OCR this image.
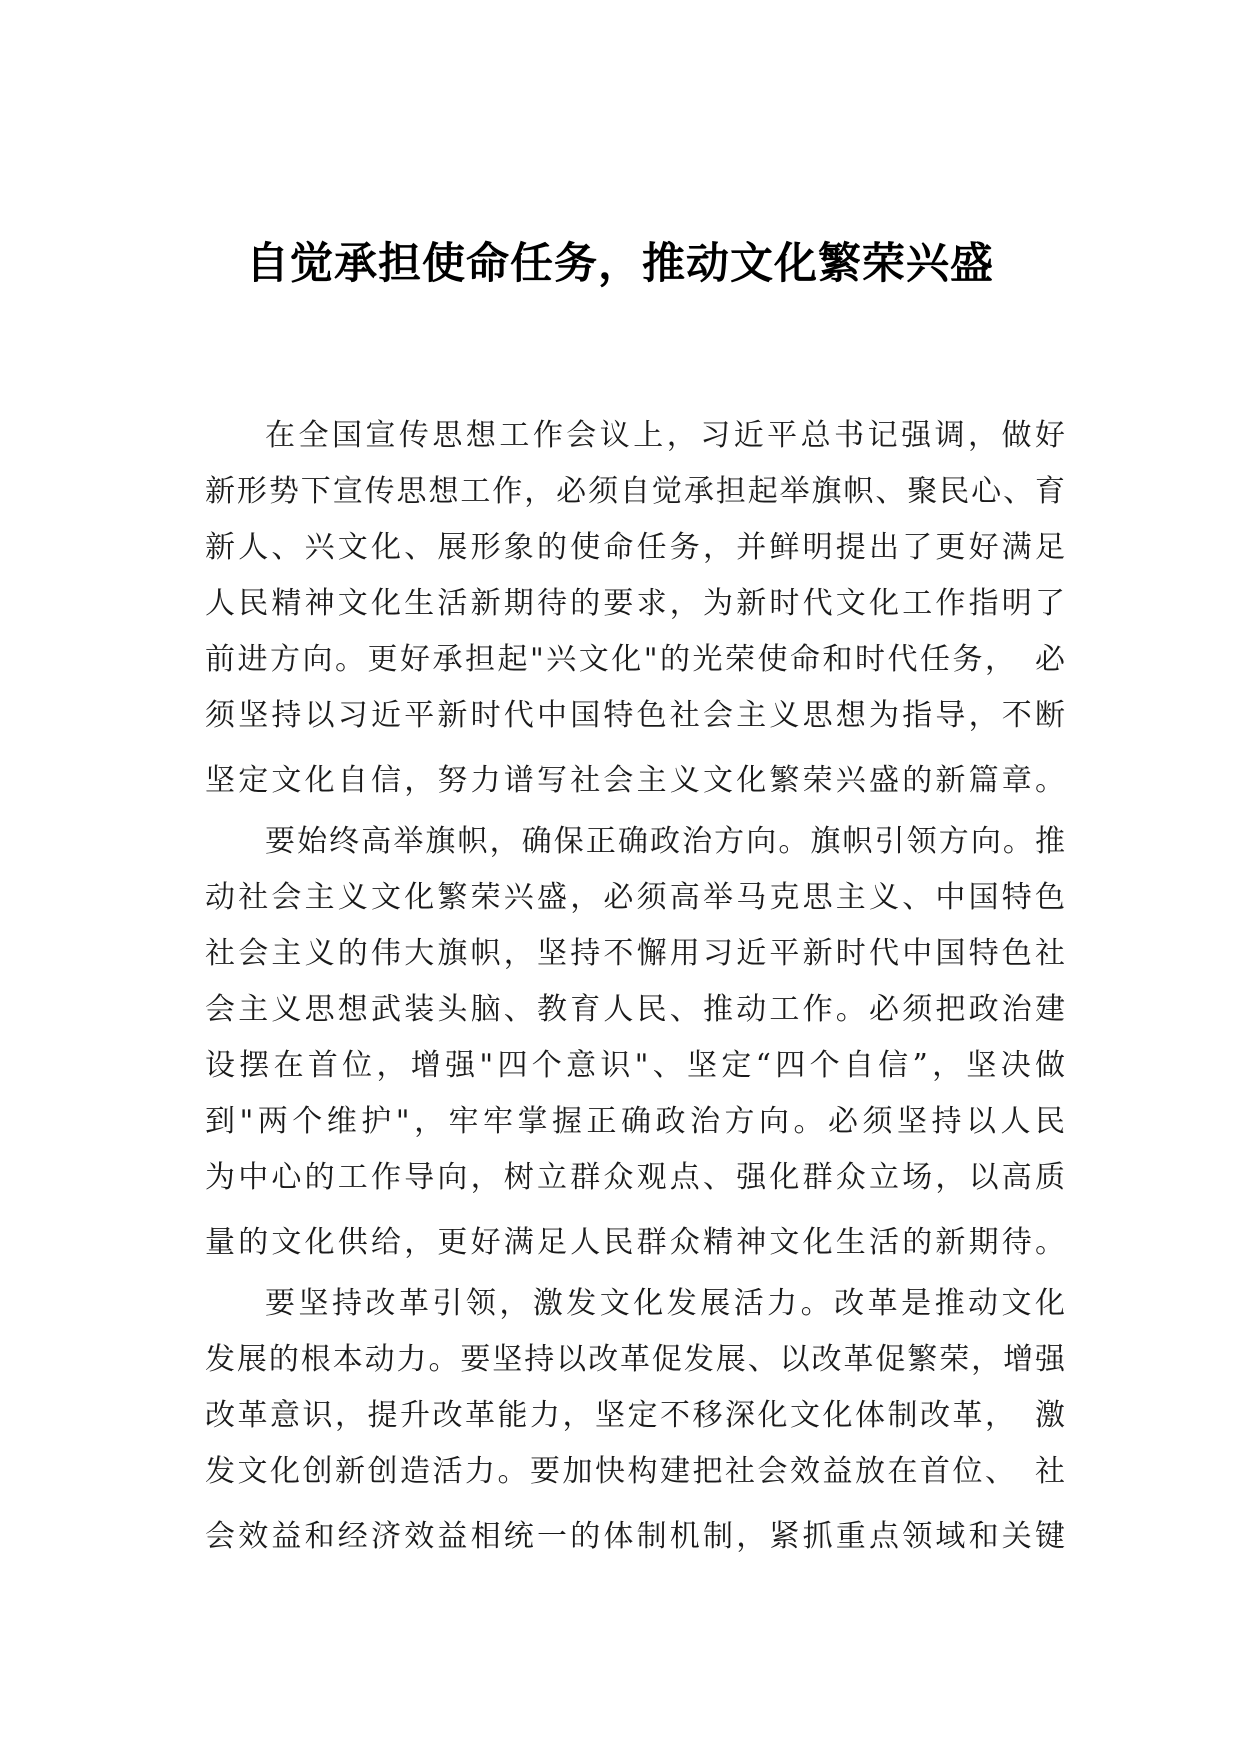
自觉承担使命任务，推动文化繁荣兴盛
在全国宣传思想工作会议上，习近平总书记强调，做好
新形势下宣传思想工作，必须自觉承担起举旗帜、聚民心、育
新人、兴文化、展形象的使命任务，并鲜明提出了更好满足
人民精神文化生活新期待的要求，为新时代文化工作指明了
前进方向。更好承担起"兴文化"的光荣使命和时代任务，　必
须坚持以习近平新时代中国特色社会主义思想为指导，不断
坚定文化自信，努力谱写社会主义文化繁荣兴盛的新篇章。
要始终高举旗帜，确保正确政治方向。旗帜引领方向。推
动社会主义文化繁荣兴盛，必须高举马克思主义、中国特色
社会主义的伟大旗帜，坚持不懈用习近平新时代中国特色社
会主义思想武装头脑、教育人民、推动工作。必须把政治建
设摆在首位，增强"四个意识"、坚定“四个自信”，坚决做
到"两个维护"，牢牢掌握正确政治方向。必须坚持以人民
为中心的工作导向，树立群众观点、强化群众立场，以高质
量的文化供给，更好满足人民群众精神文化生活的新期待。
要坚持改革引领，激发文化发展活力。改革是推动文化
发展的根本动力。要坚持以改革促发展、以改革促繁荣，增强
改革意识，提升改革能力，坚定不移深化文化体制改革，　激
发文化创新创造活力。要加快构建把社会效益放在首位、　社
会效益和经济效益相统一的体制机制，紧抓重点领域和关键
